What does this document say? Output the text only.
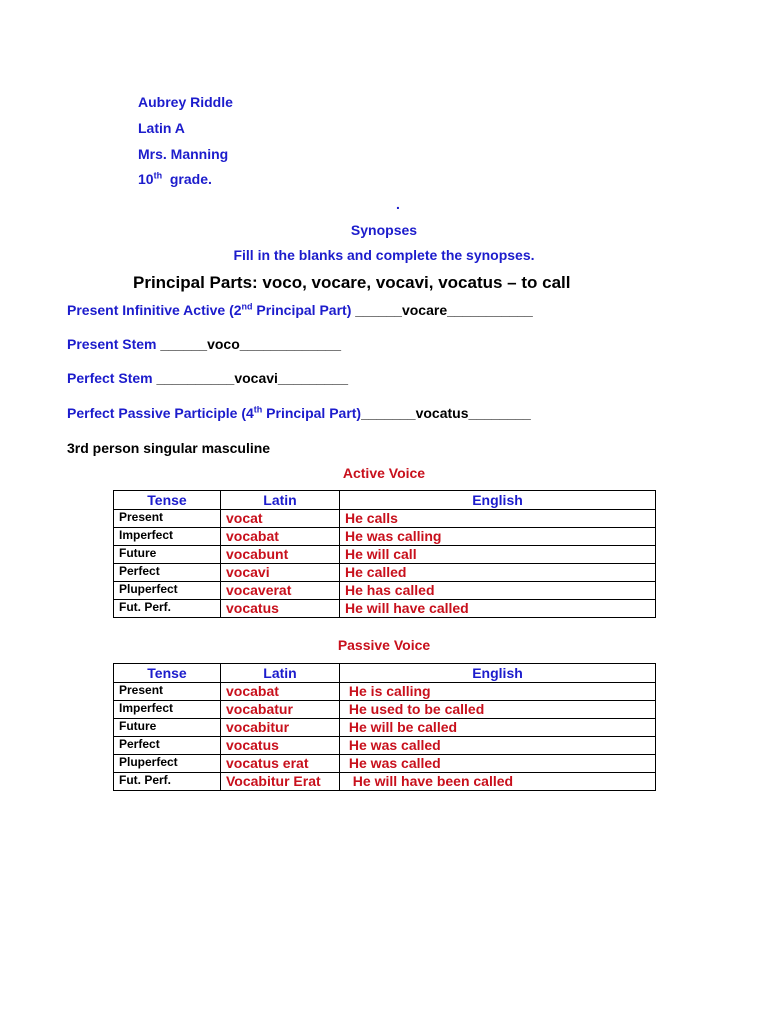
Aubrey Riddle
Latin A
Mrs. Manning
10th grade.
.
Synopses
Fill in the blanks and complete the synopses.
Principal Parts: voco, vocare, vocavi, vocatus – to call
Present Infinitive Active (2nd Principal Part) ______vocare___________
Present Stem ______voco_____________
Perfect Stem __________vocavi_________
Perfect Passive Participle (4th Principal Part)_______vocatus________
3rd person singular masculine
Active Voice
Tense	Latin	English
Present	vocat	He calls
Imperfect	vocabat	He was calling
Future	vocabunt	He will call
Perfect	vocavi	He called
Pluperfect	vocaverat	He has called
Fut. Perf.	vocatus	He will have called
Passive Voice
Tense	Latin	English
Present	vocabat	He is calling
Imperfect	vocabatur	He used to be called
Future	vocabitur	He will be called
Perfect	vocatus	He was called
Pluperfect	vocatus erat	He was called
Fut. Perf.	Vocabitur Erat	He will have been called
